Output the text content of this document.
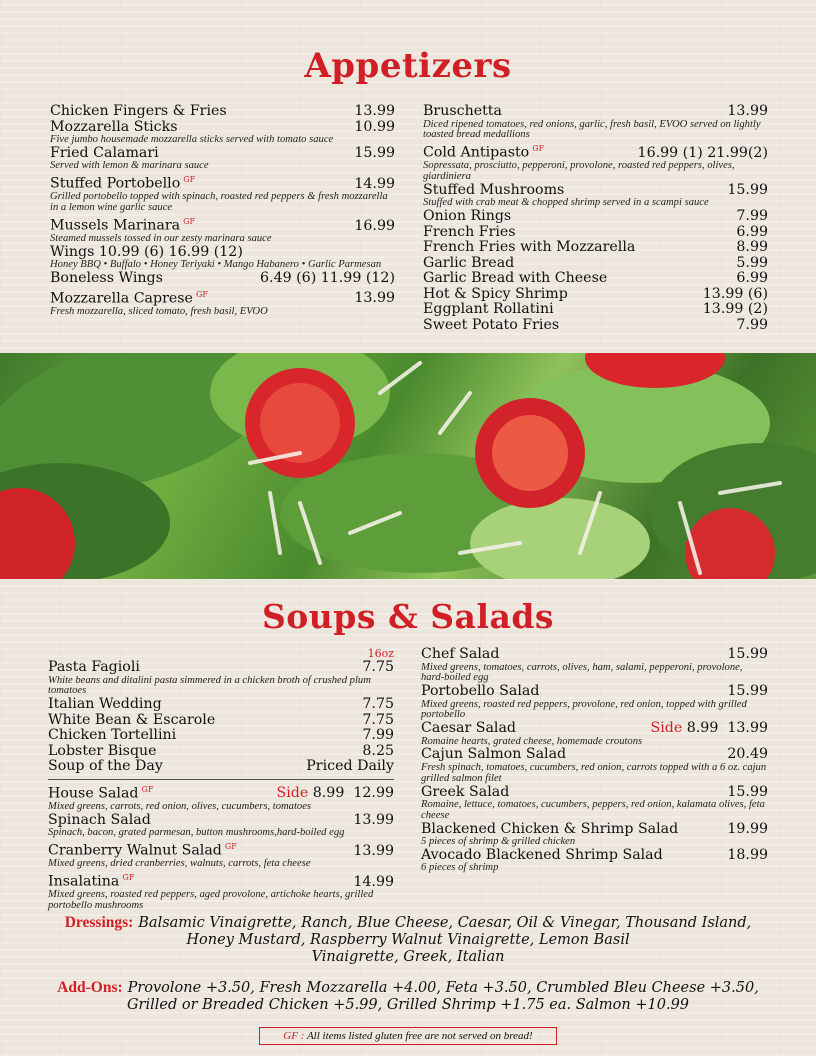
Appetizers
Chicken Fingers & Fries	13.99
Mozzarella Sticks	10.99
Five jumbo housemade mozzarella sticks served with tomato sauce
Fried Calamari	15.99
Served with lemon & marinara sauce
Stuffed Portobello $^{GF}$	14.99
Grilled portobello topped with spinach, roasted red peppers & fresh mozzarella in a lemon wine garlic sauce
Mussels Marinara $^{GF}$	16.99
Steamed mussels tossed in our zesty marinara sauce
Wings 10.99 (6) 16.99 (12)
Honey BBQ • Buffalo • Honey Teriyaki • Mango Habanero • Garlic Parmesan
Boneless Wings	6.49 (6) 11.99 (12)
Mozzarella Caprese $^{GF}$	13.99
Fresh mozzarella, sliced tomato, fresh basil, EVOO
Bruschetta	13.99
Diced ripened tomatoes, red onions, garlic, fresh basil, EVOO served on lightly toasted bread medallions
Cold Antipasto $^{GF}$	16.99 (1) 21.99(2)
Sopressata, prosciutto, pepperoni, provolone, roasted red peppers, olives, giardiniera
Stuffed Mushrooms	15.99
Stuffed with crab meat & chopped shrimp served in a scampi sauce
Onion Rings	7.99
French Fries	6.99
French Fries with Mozzarella	8.99
Garlic Bread	5.99
Garlic Bread with Cheese	6.99
Hot & Spicy Shrimp	13.99 (6)
Eggplant Rollatini	13.99 (2)
Sweet Potato Fries	7.99
Soups & Salads
16oz
Pasta Fagioli	7.75
White beans and ditalini pasta simmered in a chicken broth of crushed plum tomatoes
Italian Wedding	7.75
White Bean & Escarole	7.75
Chicken Tortellini	7.99
Lobster Bisque	8.25
Soup of the Day	Priced Daily
House Salad $^{GF}$	Side 8.99 12.99
Mixed greens, carrots, red onion, olives, cucumbers, tomatoes
Spinach Salad	13.99
Spinach, bacon, grated parmesan, button mushrooms,hard-boiled egg
Cranberry Walnut Salad $^{GF}$	13.99
Mixed greens, dried cranberries, walnuts, carrots, feta cheese
Insalatina $^{GF}$	14.99
Mixed greens, roasted red peppers, aged provolone, artichoke hearts, grilled portobello mushrooms
Chef Salad	15.99
Mixed greens, tomatoes, carrots, olives, ham, salami, pepperoni, provolone, hard-boiled egg
Portobello Salad	15.99
Mixed greens, roasted red peppers, provolone, red onion, topped with grilled portobello
Caesar Salad	Side 8.99 13.99
Romaine hearts, grated cheese, homemade croutons
Cajun Salmon Salad	20.49
Fresh spinach, tomatoes, cucumbers, red onion, carrots topped with a 6 oz. cajun grilled salmon filet
Greek Salad	15.99
Romaine, lettuce, tomatoes, cucumbers, peppers, red onion, kalamata olives, feta cheese
Blackened Chicken & Shrimp Salad	19.99
5 pieces of shrimp & grilled chicken
Avocado Blackened Shrimp Salad	18.99
6 pieces of shrimp
Dressings: Balsamic Vinaigrette, Ranch, Blue Cheese, Caesar, Oil & Vinegar, Thousand Island,
Honey Mustard, Raspberry Walnut Vinaigrette, Lemon Basil
Vinaigrette, Greek, Italian
Add-Ons: Provolone +3.50, Fresh Mozzarella +4.00, Feta +3.50, Crumbled Bleu Cheese +3.50,
Grilled or Breaded Chicken +5.99, Grilled Shrimp +1.75 ea. Salmon +10.99
GF : All items listed gluten free are not served on bread!
